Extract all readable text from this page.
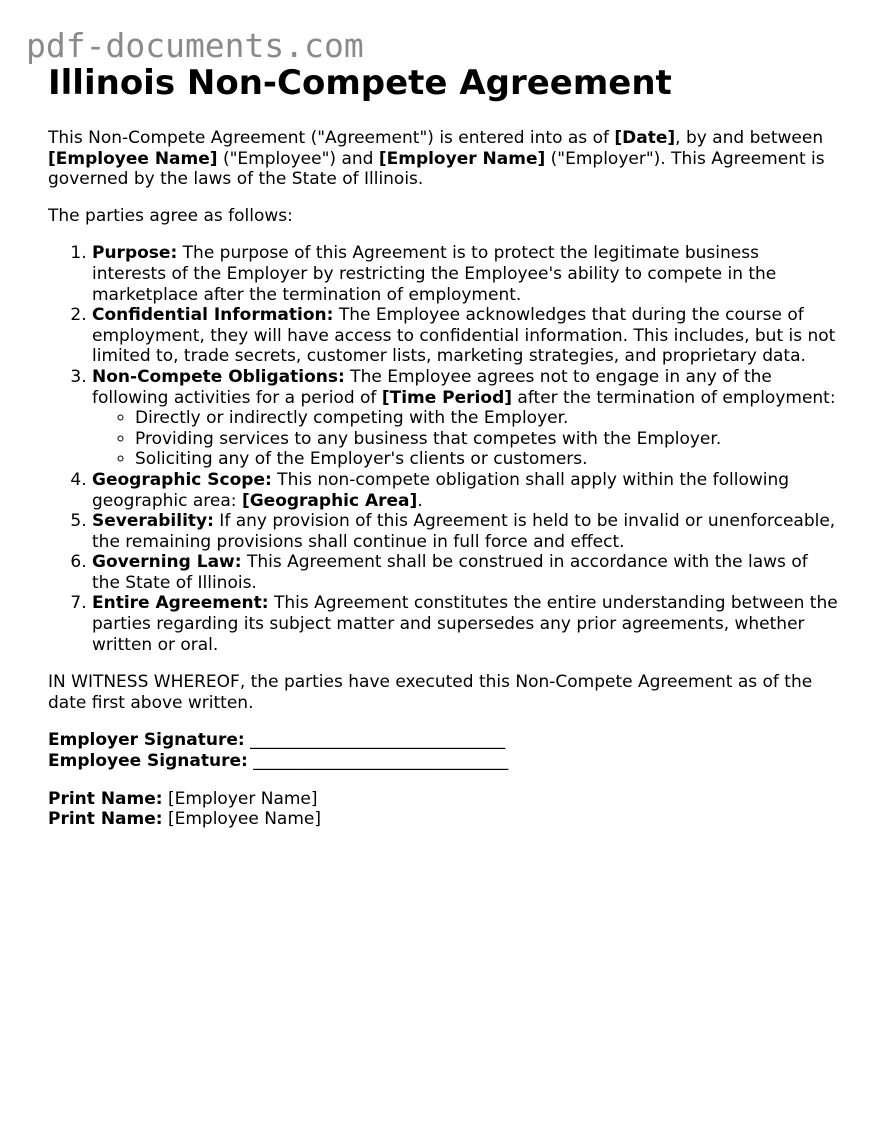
pdf-documents.com
Illinois Non-Compete Agreement

This Non-Compete Agreement ("Agreement") is entered into as of [Date], by and between [Employee Name] ("Employee") and [Employer Name] ("Employer"). This Agreement is governed by the laws of the State of Illinois.

The parties agree as follows:

1. Purpose: The purpose of this Agreement is to protect the legitimate business interests of the Employer by restricting the Employee's ability to compete in the marketplace after the termination of employment.
2. Confidential Information: The Employee acknowledges that during the course of employment, they will have access to confidential information. This includes, but is not limited to, trade secrets, customer lists, marketing strategies, and proprietary data.
3. Non-Compete Obligations: The Employee agrees not to engage in any of the following activities for a period of [Time Period] after the termination of employment:
◦ Directly or indirectly competing with the Employer.
◦ Providing services to any business that competes with the Employer.
◦ Soliciting any of the Employer's clients or customers.
4. Geographic Scope: This non-compete obligation shall apply within the following geographic area: [Geographic Area].
5. Severability: If any provision of this Agreement is held to be invalid or unenforceable, the remaining provisions shall continue in full force and effect.
6. Governing Law: This Agreement shall be construed in accordance with the laws of the State of Illinois.
7. Entire Agreement: This Agreement constitutes the entire understanding between the parties regarding its subject matter and supersedes any prior agreements, whether written or oral.

IN WITNESS WHEREOF, the parties have executed this Non-Compete Agreement as of the date first above written.

Employer Signature: ______________________________
Employee Signature: ______________________________

Print Name: [Employer Name]
Print Name: [Employee Name]
